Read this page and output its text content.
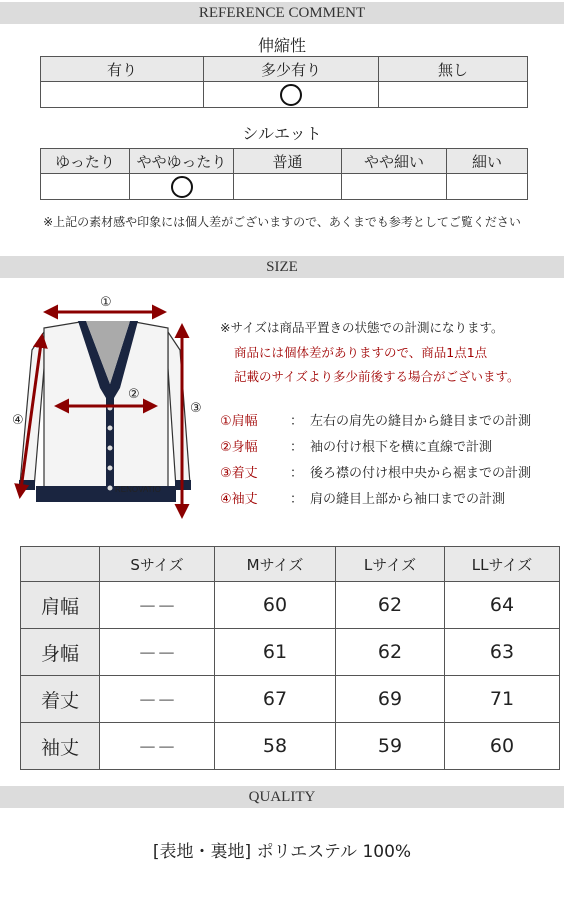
REFERENCE COMMENT
伸縮性
有り	多少有り	無し

シルエット
ゆったり	ややゆったり	普通	やや細い	細い

※上記の素材感や印象には個人差がございますので、あくまでも参考としてご覧ください
SIZE
RENOVATIO
①
②
③
④
※サイズは商品平置きの状態での計測になります。
商品には個体差がありますので、商品1点1点
記載のサイズより多少前後する場合がございます。
①肩幅 ： 左右の肩先の縫目から縫目までの計測
②身幅 ： 袖の付け根下を横に直線で計測
③着丈 ： 後ろ襟の付け根中央から裾までの計測
④袖丈 ： 肩の縫目上部から袖口までの計測
	Sサイズ	Mサイズ	Lサイズ	LLサイズ
肩幅	－－	60	62	64
身幅	－－	61	62	63
着丈	－－	67	69	71
袖丈	－－	58	59	60
QUALITY
[表地・裏地] ポリエステル 100%
